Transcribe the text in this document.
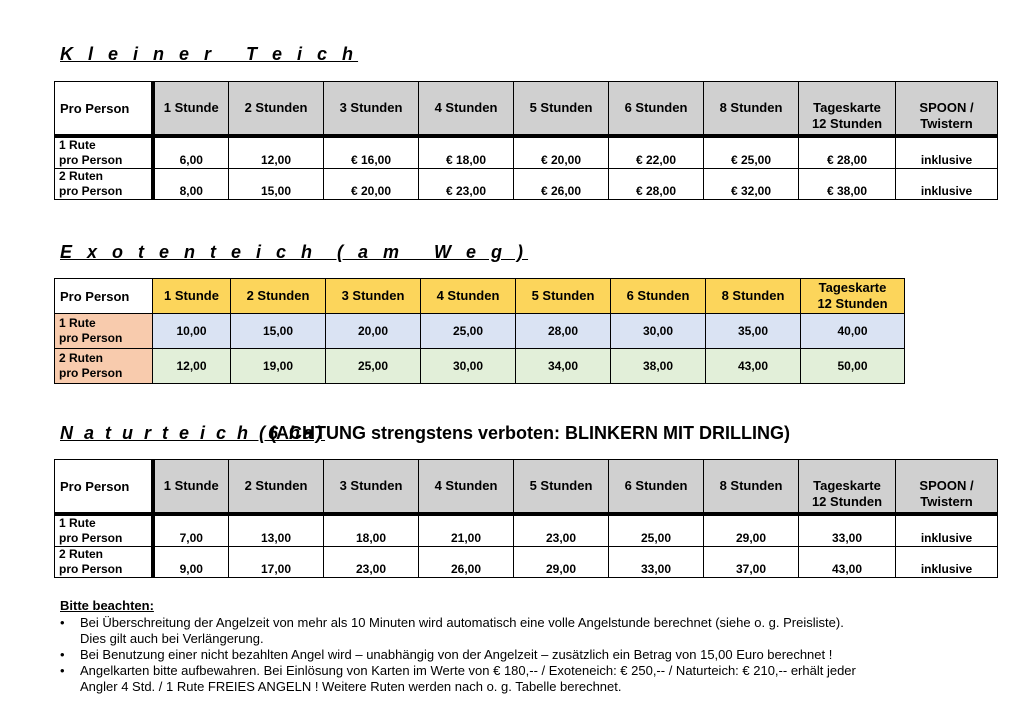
K l e i n e r   T e i c h
Pro Person	1 Stunde	2 Stunden	3 Stunden	4 Stunden	5 Stunden	6 Stunden	8 Stunden	Tageskarte
12 Stunden	SPOON /
Twistern
1 Rute
pro Person	6,00	12,00	€ 16,00	€ 18,00	€ 20,00	€ 22,00	€ 25,00	€ 28,00	inklusive
2 Ruten
pro Person	8,00	15,00	€ 20,00	€ 23,00	€ 26,00	€ 28,00	€ 32,00	€ 38,00	inklusive
E x o t e n t e i c h  ( a m   W e g )
Pro Person	1 Stunde	2 Stunden	3 Stunden	4 Stunden	5 Stunden	6 Stunden	8 Stunden	Tageskarte
12 Stunden
1 Rute
pro Person	10,00	15,00	20,00	25,00	28,00	30,00	35,00	40,00
2 Ruten
pro Person	12,00	19,00	25,00	30,00	34,00	38,00	43,00	50,00
N a t u r t e i c h (6 ha)
(ACHTUNG strengstens verboten: BLINKERN MIT DRILLING)
Pro Person	1 Stunde	2 Stunden	3 Stunden	4 Stunden	5 Stunden	6 Stunden	8 Stunden	Tageskarte
12 Stunden	SPOON /
Twistern
1 Rute
pro Person	7,00	13,00	18,00	21,00	23,00	25,00	29,00	33,00	inklusive
2 Ruten
pro Person	9,00	17,00	23,00	26,00	29,00	33,00	37,00	43,00	inklusive
Bitte beachten:
• Bei Überschreitung der Angelzeit von mehr als 10 Minuten wird automatisch eine volle Angelstunde berechnet (siehe o. g. Preisliste).
Dies gilt auch bei Verlängerung.
• Bei Benutzung einer nicht bezahlten Angel wird – unabhängig von der Angelzeit – zusätzlich ein Betrag von 15,00 Euro berechnet !
• Angelkarten bitte aufbewahren. Bei Einlösung von Karten im Werte von € 180,-- / Exoteneich: € 250,-- / Naturteich: € 210,-- erhält jeder
Angler 4 Std. / 1 Rute FREIES ANGELN ! Weitere Ruten werden nach o. g. Tabelle berechnet.
